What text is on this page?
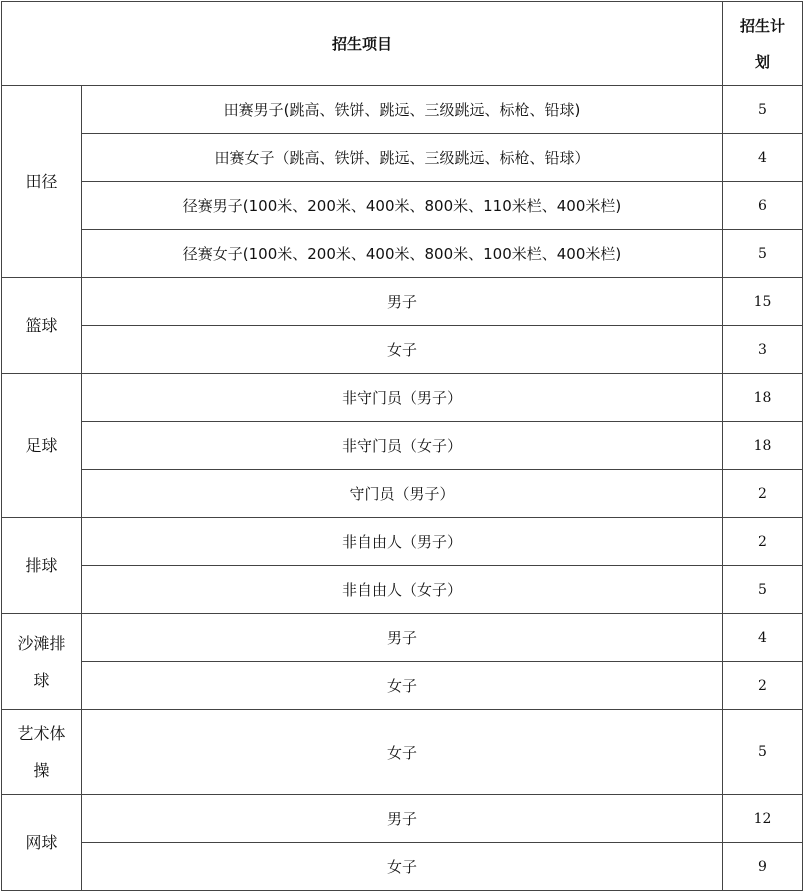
招生项目		招生计
划

田径	田赛男子(跳高、铁饼、跳远、三级跳远、标枪、铅球)	5
	田赛女子（跳高、铁饼、跳远、三级跳远、标枪、铅球）	4
	径赛男子(100米、200米、400米、800米、110米栏、400米栏)	6
	径赛女子(100米、200米、400米、800米、100米栏、400米栏)	5

篮球	男子	15
	女子	3

足球	非守门员（男子）	18
	非守门员（女子）	18
	守门员（男子）	2

排球	非自由人（男子）	2
	非自由人（女子）	5

沙滩排
球	男子	4
	女子	2

艺术体
操	女子	5

网球	男子	12
	女子	9
